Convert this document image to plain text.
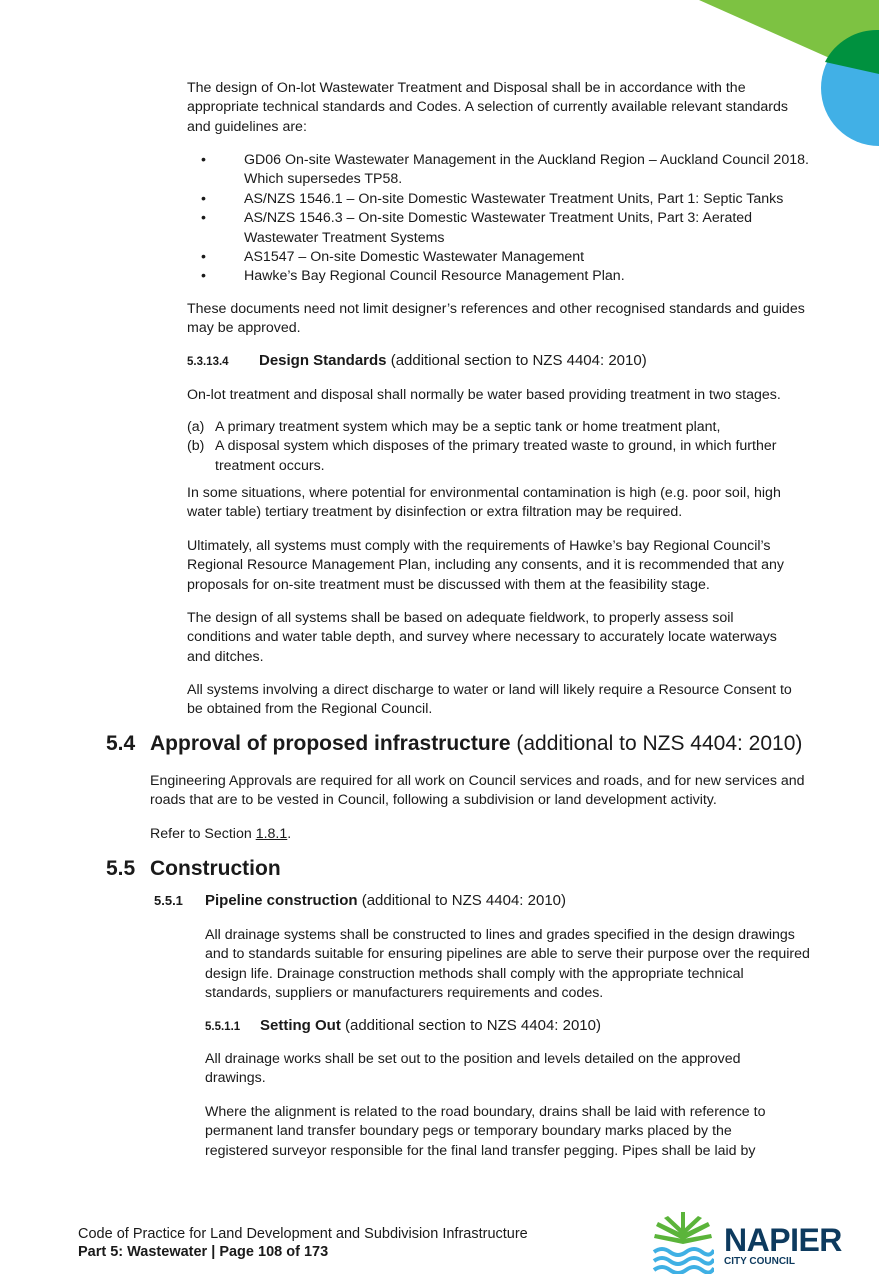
The design of On-lot Wastewater Treatment and Disposal shall be in accordance with the appropriate technical standards and Codes. A selection of currently available relevant standards and guidelines are:

•	GD06 On-site Wastewater Management in the Auckland Region – Auckland Council 2018. Which supersedes TP58.
•	AS/NZS 1546.1 – On-site Domestic Wastewater Treatment Units, Part 1: Septic Tanks
•	AS/NZS 1546.3 – On-site Domestic Wastewater Treatment Units, Part 3: Aerated Wastewater Treatment Systems
•	AS1547 – On-site Domestic Wastewater Management
•	Hawke’s Bay Regional Council Resource Management Plan.

These documents need not limit designer’s references and other recognised standards and guides may be approved.

5.3.13.4 Design Standards (additional section to NZS 4404: 2010)

On-lot treatment and disposal shall normally be water based providing treatment in two stages.

(a) A primary treatment system which may be a septic tank or home treatment plant,
(b) A disposal system which disposes of the primary treated waste to ground, in which further treatment occurs.

In some situations, where potential for environmental contamination is high (e.g. poor soil, high water table) tertiary treatment by disinfection or extra filtration may be required.

Ultimately, all systems must comply with the requirements of Hawke’s bay Regional Council’s Regional Resource Management Plan, including any consents, and it is recommended that any proposals for on-site treatment must be discussed with them at the feasibility stage.

The design of all systems shall be based on adequate fieldwork, to properly assess soil conditions and water table depth, and survey where necessary to accurately locate waterways and ditches.

All systems involving a direct discharge to water or land will likely require a Resource Consent to be obtained from the Regional Council.

5.4 Approval of proposed infrastructure (additional to NZS 4404: 2010)

Engineering Approvals are required for all work on Council services and roads, and for new services and roads that are to be vested in Council, following a subdivision or land development activity.

Refer to Section 1.8.1.

5.5 Construction
5.5.1 Pipeline construction (additional to NZS 4404: 2010)

All drainage systems shall be constructed to lines and grades specified in the design drawings and to standards suitable for ensuring pipelines are able to serve their purpose over the required design life. Drainage construction methods shall comply with the appropriate technical standards, suppliers or manufacturers requirements and codes.

5.5.1.1 Setting Out (additional section to NZS 4404: 2010)

All drainage works shall be set out to the position and levels detailed on the approved drawings.

Where the alignment is related to the road boundary, drains shall be laid with reference to permanent land transfer boundary pegs or temporary boundary marks placed by the registered surveyor responsible for the final land transfer pegging. Pipes shall be laid by

Code of Practice for Land Development and Subdivision Infrastructure
Part 5: Wastewater | Page 108 of 173	NAPIER
CITY COUNCIL
